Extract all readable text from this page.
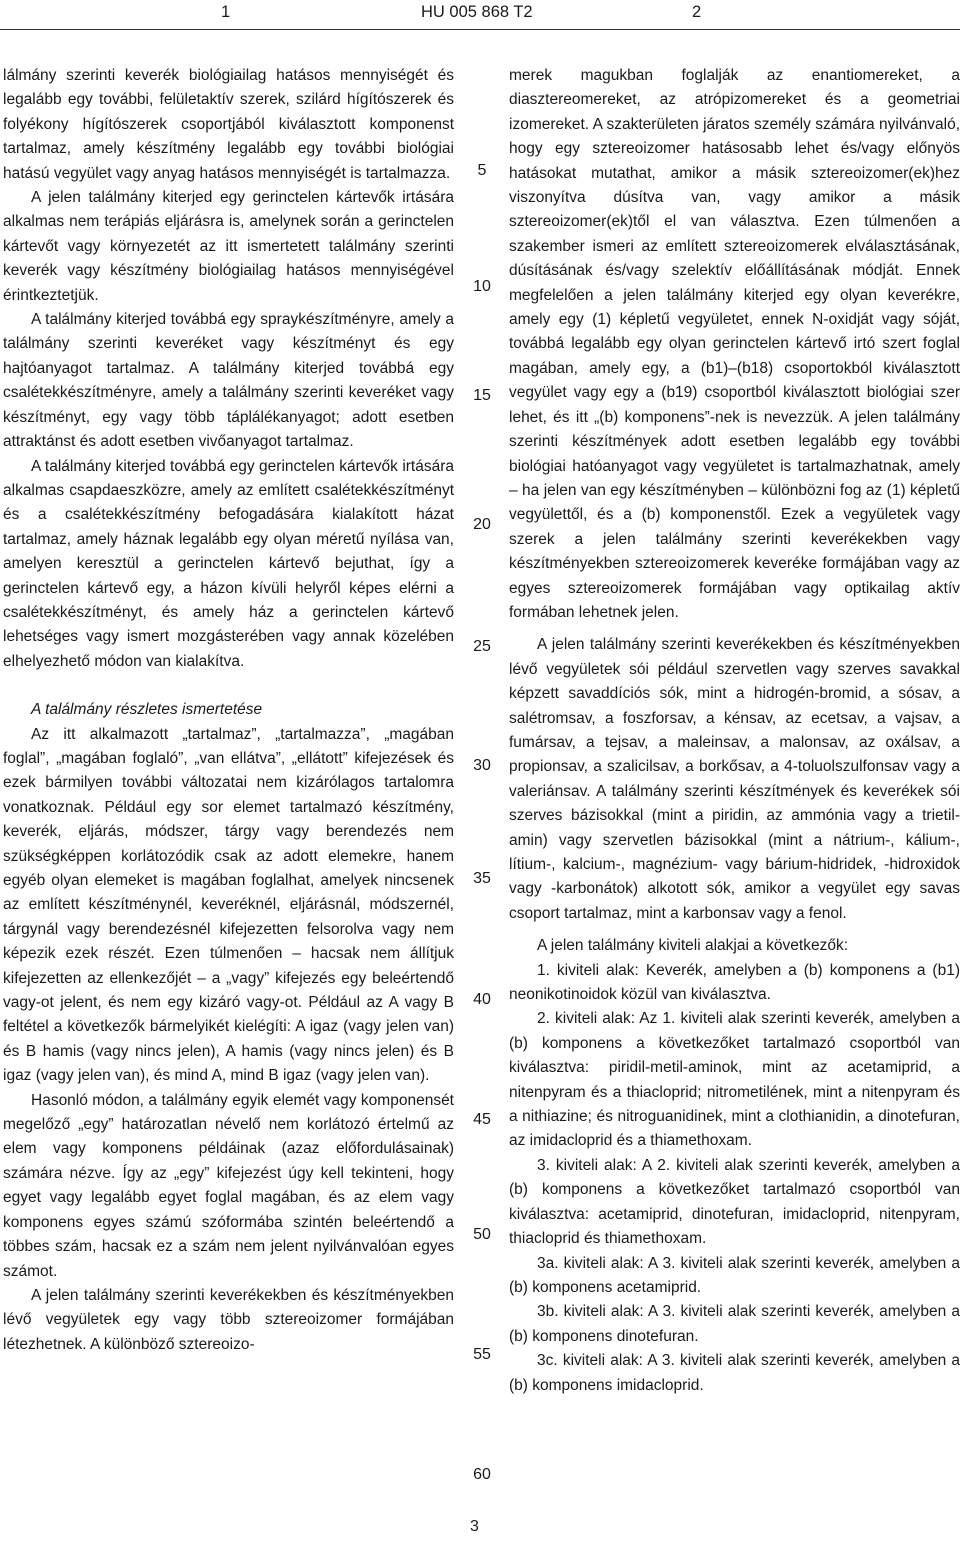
1	HU 005 868 T2	2

lálmány szerinti keverék biológiailag hatásos mennyiségét és legalább egy további, felületaktív szerek, szilárd hígítószerek és folyékony hígítószerek csoportjából kiválasztott komponenst tartalmaz, amely készítmény legalább egy további biológiai hatású vegyület vagy anyag hatásos mennyiségét is tartalmazza.

A jelen találmány kiterjed egy gerinctelen kártevők irtására alkalmas nem terápiás eljárásra is, amelynek során a gerinctelen kártevőt vagy környezetét az itt ismertetett találmány szerinti keverék vagy készítmény biológiailag hatásos mennyiségével érintkeztetjük.

A találmány kiterjed továbbá egy spraykészítményre, amely a találmány szerinti keveréket vagy készítményt és egy hajtóanyagot tartalmaz. A találmány kiterjed továbbá egy csalétekkészítményre, amely a találmány szerinti keveréket vagy készítményt, egy vagy több táplálékanyagot; adott esetben attraktánst és adott esetben vivőanyagot tartalmaz.

A találmány kiterjed továbbá egy gerinctelen kártevők irtására alkalmas csapdaeszközre, amely az említett csalétekkészítményt és a csalétekkészítmény befogadására kialakított házat tartalmaz, amely háznak legalább egy olyan méretű nyílása van, amelyen keresztül a gerinctelen kártevő bejuthat, így a gerinctelen kártevő egy, a házon kívüli helyről képes elérni a csalétekkészítményt, és amely ház a gerinctelen kártevő lehetséges vagy ismert mozgásterében vagy annak közelében elhelyezhető módon van kialakítva.

A találmány részletes ismertetése

Az itt alkalmazott „tartalmaz”, „tartalmazza”, „magában foglal”, „magában foglaló”, „van ellátva”, „ellátott” kifejezések és ezek bármilyen további változatai nem kizárólagos tartalomra vonatkoznak. Például egy sor elemet tartalmazó készítmény, keverék, eljárás, módszer, tárgy vagy berendezés nem szükségképpen korlátozódik csak az adott elemekre, hanem egyéb olyan elemeket is magában foglalhat, amelyek nincsenek az említett készítménynél, keveréknél, eljárásnál, módszernél, tárgynál vagy berendezésnél kifejezetten felsorolva vagy nem képezik ezek részét. Ezen túlmenően – hacsak nem állítjuk kifejezetten az ellenkezőjét – a „vagy” kifejezés egy beleértendő vagy-ot jelent, és nem egy kizáró vagy-ot. Például az A vagy B feltétel a következők bármelyikét kielégíti: A igaz (vagy jelen van) és B hamis (vagy nincs jelen), A hamis (vagy nincs jelen) és B igaz (vagy jelen van), és mind A, mind B igaz (vagy jelen van).

Hasonló módon, a találmány egyik elemét vagy komponensét megelőző „egy” határozatlan névelő nem korlátozó értelmű az elem vagy komponens példáinak (azaz előfordulásainak) számára nézve. Így az „egy” kifejezést úgy kell tekinteni, hogy egyet vagy legalább egyet foglal magában, és az elem vagy komponens egyes számú szóformába szintén beleértendő a többes szám, hacsak ez a szám nem jelent nyilvánvalóan egyes számot.

A jelen találmány szerinti keverékekben és készítményekben lévő vegyületek egy vagy több sztereoizomer formájában létezhetnek. A különböző sztereoizo-

5
10
15
20
25
30
35
40
45
50
55
60

merek magukban foglalják az enantiomereket, a diasztereomereket, az atrópizomereket és a geometriai izomereket. A szakterületen járatos személy számára nyilvánvaló, hogy egy sztereoizomer hatásosabb lehet és/vagy előnyös hatásokat mutathat, amikor a másik sztereoizomer(ek)hez viszonyítva dúsítva van, vagy amikor a másik sztereoizomer(ek)től el van választva. Ezen túlmenően a szakember ismeri az említett sztereoizomerek elválasztásának, dúsításának és/vagy szelektív előállításának módját. Ennek megfelelően a jelen találmány kiterjed egy olyan keverékre, amely egy (1) képletű vegyületet, ennek N-oxidját vagy sóját, továbbá legalább egy olyan gerinctelen kártevő irtó szert foglal magában, amely egy, a (b1)–(b18) csoportokból kiválasztott vegyület vagy egy a (b19) csoportból kiválasztott biológiai szer lehet, és itt „(b) komponens”-nek is nevezzük. A jelen találmány szerinti készítmények adott esetben legalább egy további biológiai hatóanyagot vagy vegyületet is tartalmazhatnak, amely – ha jelen van egy készítményben – különbözni fog az (1) képletű vegyülettől, és a (b) komponenstől. Ezek a vegyületek vagy szerek a jelen találmány szerinti keverékekben vagy készítményekben sztereoizomerek keveréke formájában vagy az egyes sztereoizomerek formájában vagy optikailag aktív formában lehetnek jelen.

A jelen találmány szerinti keverékekben és készítményekben lévő vegyületek sói például szervetlen vagy szerves savakkal képzett savaddíciós sók, mint a hidrogén-bromid, a sósav, a salétromsav, a foszforsav, a kénsav, az ecetsav, a vajsav, a fumársav, a tejsav, a maleinsav, a malonsav, az oxálsav, a propionsav, a szalicilsav, a borkősav, a 4-toluolszulfonsav vagy a valeriánsav. A találmány szerinti készítmények és keverékek sói szerves bázisokkal (mint a piridin, az ammónia vagy a trietil-amin) vagy szervetlen bázisokkal (mint a nátrium-, kálium-, lítium-, kalcium-, magnézium- vagy bárium-hidridek, -hidroxidok vagy -karbonátok) alkotott sók, amikor a vegyület egy savas csoport tartalmaz, mint a karbonsav vagy a fenol.

A jelen találmány kiviteli alakjai a következők:

1. kiviteli alak: Keverék, amelyben a (b) komponens a (b1) neonikotinoidok közül van kiválasztva.

2. kiviteli alak: Az 1. kiviteli alak szerinti keverék, amelyben a (b) komponens a következőket tartalmazó csoportból van kiválasztva: piridil-metil-aminok, mint az acetamiprid, a nitenpyram és a thiacloprid; nitrometilének, mint a nitenpyram és a nithiazine; és nitroguanidinek, mint a clothianidin, a dinotefuran, az imidacloprid és a thiamethoxam.

3. kiviteli alak: A 2. kiviteli alak szerinti keverék, amelyben a (b) komponens a következőket tartalmazó csoportból van kiválasztva: acetamiprid, dinotefuran, imidacloprid, nitenpyram, thiacloprid és thiamethoxam.

3a. kiviteli alak: A 3. kiviteli alak szerinti keverék, amelyben a (b) komponens acetamiprid.

3b. kiviteli alak: A 3. kiviteli alak szerinti keverék, amelyben a (b) komponens dinotefuran.

3c. kiviteli alak: A 3. kiviteli alak szerinti keverék, amelyben a (b) komponens imidacloprid.

3
